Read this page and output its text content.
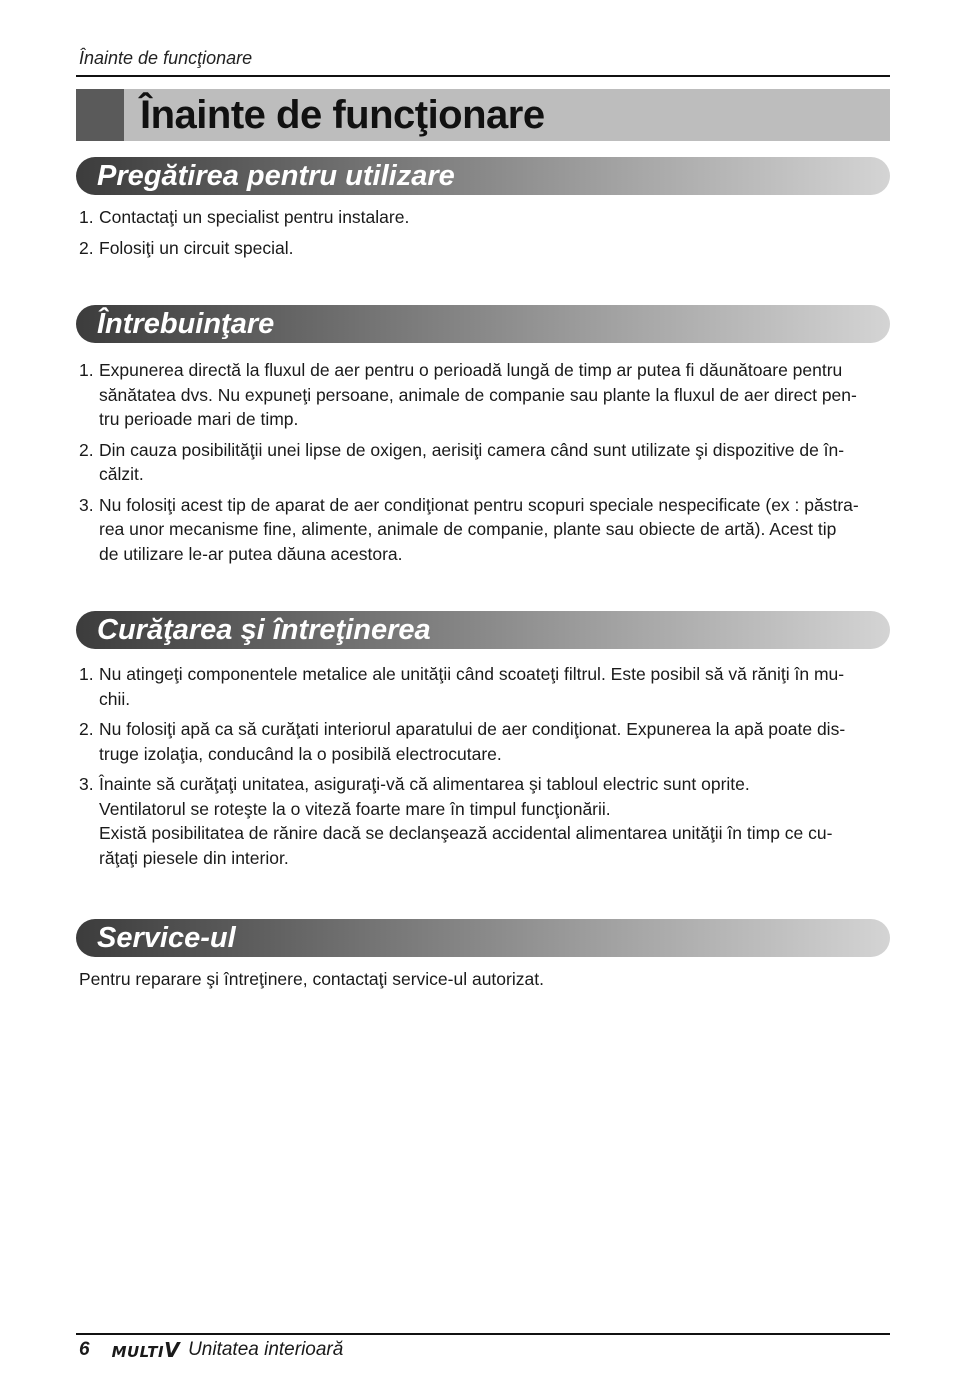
Înainte de funcţionare
Înainte de funcţionare
Pregătirea pentru utilizare
1. Contactaţi un specialist pentru instalare.
2. Folosiţi un circuit special.
Întrebuinţare
1. Expunerea directă la fluxul de aer pentru o perioadă lungă de timp ar putea fi dăunătoare pentru
sănătatea dvs. Nu expuneţi persoane, animale de companie sau plante la fluxul de aer direct pen-
tru perioade mari de timp.
2. Din cauza posibilităţii unei lipse de oxigen, aerisiţi camera când sunt utilizate şi dispozitive de în-
călzit.
3. Nu folosiţi acest tip de aparat de aer condiţionat pentru scopuri speciale nespecificate (ex : păstra-
rea unor mecanisme fine, alimente, animale de companie, plante sau obiecte de artă). Acest tip
de utilizare le-ar putea dăuna acestora.
Curăţarea şi întreţinerea
1. Nu atingeţi componentele metalice ale unităţii când scoateţi filtrul. Este posibil să vă răniţi în mu-
chii.
2. Nu folosiţi apă ca să curăţati interiorul aparatului de aer condiţionat. Expunerea la apă poate dis-
truge izolaţia, conducând la o posibilă electrocutare.
3. Înainte să curăţaţi unitatea, asiguraţi-vă că alimentarea şi tabloul electric sunt oprite.
Ventilatorul se roteşte la o viteză foarte mare în timpul funcţionării.
Există posibilitatea de rănire dacă se declanşează accidental alimentarea unităţii în timp ce cu-
răţaţi piesele din interior.
Service-ul
Pentru reparare şi întreţinere, contactaţi service-ul autorizat.
6 MULTIV Unitatea interioară
